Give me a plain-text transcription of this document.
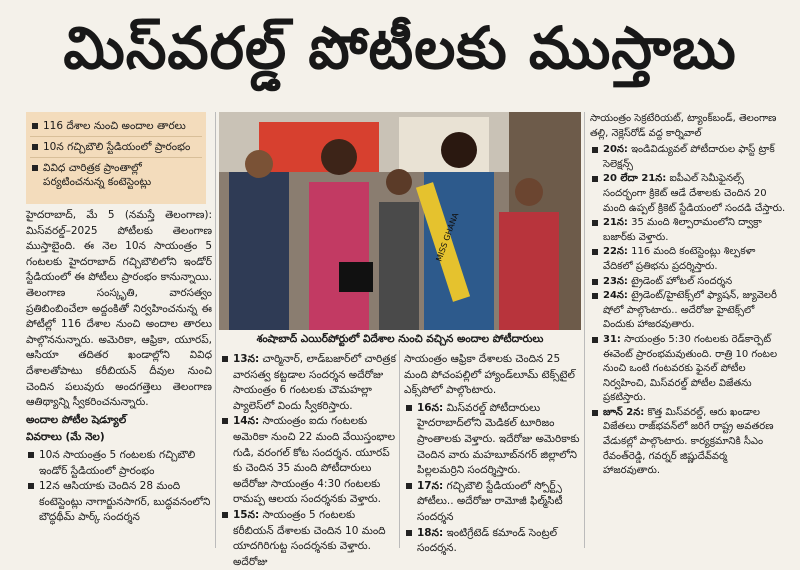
మిస్‌వరల్డ్ పోటీలకు ముస్తాబు
116 దేశాల నుంచి అందాల తారలు
10న గచ్చిబౌలి స్టేడియంలో ప్రారంభం
వివిధ చారిత్రక ప్రాంతాల్లో పర్యటించనున్న కంటెస్టెంట్లు

హైదరాబాద్, మే 5 (నమస్తే తెలంగాణ): మిస్‌వరల్డ్–2025 పోటీలకు తెలంగాణ ముస్తాబైంది. ఈ నెల 10న సాయంత్రం 5 గంటలకు హైదరాబాద్ గచ్చిబౌలిలోని ఇండోర్ స్టేడియంలో ఈ పోటీలు ప్రారంభం కానున్నాయి. తెలంగాణ సంస్కృతి, వారసత్వం ప్రతిబింబించేలా అద్దంకితో నిర్వహించనున్న ఈ పోటీల్లో 116 దేశాల నుంచి అందాల తారలు పాల్గొననున్నారు. అమెరికా, ఆఫ్రికా, యూరప్, ఆసియా తదితర ఖండాల్లోని వివిధ దేశాలతోపాటు కరీబియన్ దీవుల నుంచి చెందిన పలువురు అందగత్తెలు తెలంగాణ ఆతిథ్యాన్ని స్వీకరించనున్నారు.

అందాల పోటీల షెడ్యూల్

వివరాలు (మే నెల)

10న సాయంత్రం 5 గంటలకు గచ్చిబౌలి ఇండోర్ స్టేడియంలో ప్రారంభం
12న ఆసియాకు చెందిన 28 మంది కంటెస్టెంట్లు నాగార్జునసాగర్, బుద్ధవనంలోని బౌద్ధథీమ్ పార్క్ సందర్శన
MISS GHANA
శంషాబాద్ ఎయిర్‌పోర్టులో విదేశాల నుంచి వచ్చిన అందాల పోటీదారులు
13న: చార్మినార్, లాడ్‌బజార్‌లో చారిత్రక వారసత్వ కట్టడాల సందర్శన అదేరోజు సాయంత్రం 6 గంటలకు చౌమహల్లా ప్యాలెస్‌లో విందు స్వీకరిస్తారు.
14న: సాయంత్రం ఐదు గంటలకు అమెరికా నుంచి 22 మంది వేయిస్తంభాల గుడి, వరంగల్ కోట సందర్శన. యూరప్ కు చెందిన 35 మంది పోటీదారులు అదేరోజు సాయంత్రం 4:30 గంటలకు రామప్ప ఆలయ సందర్శనకు వెళ్తారు.
15న: సాయంత్రం 5 గంటలకు కరీబియన్ దేశాలకు చెందిన 10 మంది యాదగిరిగుట్ట సందర్శనకు వెళ్తారు. అదేరోజు

సాయంత్రం ఆఫ్రికా దేశాలకు చెందిన 25 మంది పోచంపల్లిలో హ్యాండ్‌లూమ్ టెక్స్‌టైల్ ఎక్స్‌పోలో పాల్గొంటారు.

16న: మిస్‌వరల్డ్ పోటీదారులు హైదరాబాద్‌లోని మెడికల్ టూరిజం ప్రాంతాలకు వెళ్తారు. ఇదేరోజు అమెరికాకు చెందిన వారు మహబూబ్‌నగర్ జిల్లాలోని పిల్లలమర్రిని సందర్శిస్తారు.
17న: గచ్చిబౌలి స్టేడియంలో స్పోర్ట్స్ పోటీలు.. అదేరోజు రామోజీ ఫిల్మ్‌సిటీ సందర్శన
18న: ఇంటిగ్రేటెడ్ కమాండ్ సెంట్రల్ సందర్శన.

సాయంత్రం సెక్రటేరియట్, ట్యాంక్‌బండ్, తెలంగాణ తల్లి, నెక్లెస్‌రోడ్ వద్ద కార్నివాల్

20న: ఇండివిడ్యువల్ పోటీదారుల ఫాస్ట్ ట్రాక్ సెలెక్షన్స్
20 లేదా 21న: ఐపీఎల్ సెమీఫైనల్స్ సందర్భంగా క్రికెట్ ఆడే దేశాలకు చెందిన 20 మంది ఉప్పల్ క్రికెట్ స్టేడియంలో సందడి చేస్తారు.
21న: 35 మంది శిల్పారామంలోని ద్వాక్రా బజార్‌కు వెళ్తారు.
22న: 116 మంది కంటెస్టెంట్లు శిల్పకళా వేదికలో ప్రతిభను ప్రదర్శిస్తారు.
23న: ట్రైడెంట్ హోటల్ సందర్శన
24న: ట్రైడెంట్/హైటెక్స్‌లో ఫ్యాషన్, జ్యువెలరీ షోలో పాల్గొంటారు.. అదేరోజు హైటెక్స్‌లో విందుకు హాజరవుతారు.
31: సాయంత్రం 5:30 గంటలకు రెడ్‌కార్పెట్ ఈవెంట్ ప్రారంభమవుతుంది. రాత్రి 10 గంటల నుంచి ఒంటి గంటవరకు ఫైనల్ పోటీల నిర్వహించి, మిస్‌వరల్డ్ పోటీల విజేతను ప్రకటిస్తారు.
జూన్ 2న: కొత్త మిస్‌వరల్డ్, ఆరు ఖండాల విజేతలు రాజ్‌భవన్‌లో జరిగే రాష్ట్ర అవతరణ వేడుకల్లో పాల్గొంటారు. కార్యక్రమానికి సీఎం రేవంత్‌రెడ్డి, గవర్నర్ జిష్ణుదేవ్‌వర్మ హాజరవుతారు.
